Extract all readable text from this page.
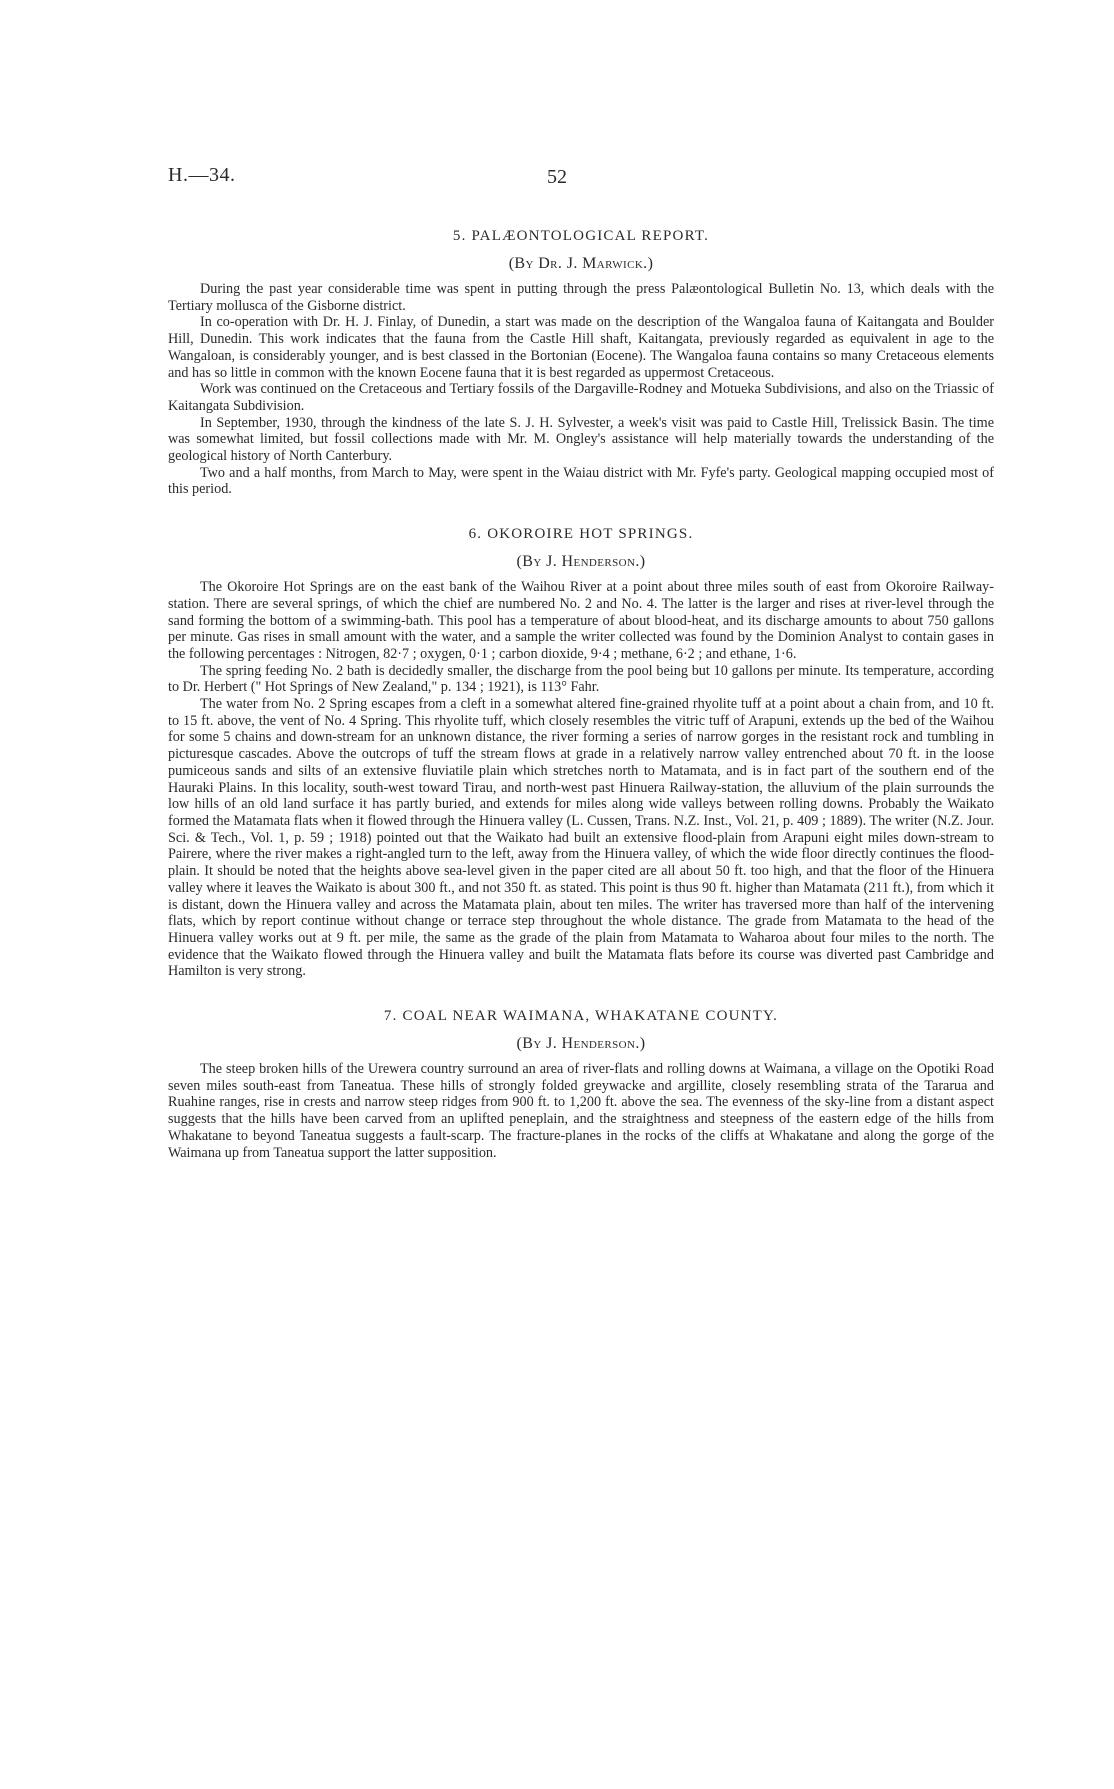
H.—34.	52
5. PALÆONTOLOGICAL REPORT.
(By Dr. J. Marwick.)

During the past year considerable time was spent in putting through the press Palæontological Bulletin No. 13, which deals with the Tertiary mollusca of the Gisborne district.

In co-operation with Dr. H. J. Finlay, of Dunedin, a start was made on the description of the Wangaloa fauna of Kaitangata and Boulder Hill, Dunedin. This work indicates that the fauna from the Castle Hill shaft, Kaitangata, previously regarded as equivalent in age to the Wangaloan, is considerably younger, and is best classed in the Bortonian (Eocene). The Wangaloa fauna contains so many Cretaceous elements and has so little in common with the known Eocene fauna that it is best regarded as uppermost Cretaceous.

Work was continued on the Cretaceous and Tertiary fossils of the Dargaville-Rodney and Motueka Subdivisions, and also on the Triassic of Kaitangata Subdivision.

In September, 1930, through the kindness of the late S. J. H. Sylvester, a week's visit was paid to Castle Hill, Trelissick Basin. The time was somewhat limited, but fossil collections made with Mr. M. Ongley's assistance will help materially towards the understanding of the geological history of North Canterbury.

Two and a half months, from March to May, were spent in the Waiau district with Mr. Fyfe's party. Geological mapping occupied most of this period.

6. OKOROIRE HOT SPRINGS.
(By J. Henderson.)

The Okoroire Hot Springs are on the east bank of the Waihou River at a point about three miles south of east from Okoroire Railway-station. There are several springs, of which the chief are numbered No. 2 and No. 4. The latter is the larger and rises at river-level through the sand forming the bottom of a swimming-bath. This pool has a temperature of about blood-heat, and its discharge amounts to about 750 gallons per minute. Gas rises in small amount with the water, and a sample the writer collected was found by the Dominion Analyst to contain gases in the following percentages : Nitrogen, 82·7 ; oxygen, 0·1 ; carbon dioxide, 9·4 ; methane, 6·2 ; and ethane, 1·6.

The spring feeding No. 2 bath is decidedly smaller, the discharge from the pool being but 10 gallons per minute. Its temperature, according to Dr. Herbert (" Hot Springs of New Zealand," p. 134 ; 1921), is 113° Fahr.

The water from No. 2 Spring escapes from a cleft in a somewhat altered fine-grained rhyolite tuff at a point about a chain from, and 10 ft. to 15 ft. above, the vent of No. 4 Spring. This rhyolite tuff, which closely resembles the vitric tuff of Arapuni, extends up the bed of the Waihou for some 5 chains and down-stream for an unknown distance, the river forming a series of narrow gorges in the resistant rock and tumbling in picturesque cascades. Above the outcrops of tuff the stream flows at grade in a relatively narrow valley entrenched about 70 ft. in the loose pumiceous sands and silts of an extensive fluviatile plain which stretches north to Matamata, and is in fact part of the southern end of the Hauraki Plains. In this locality, south-west toward Tirau, and north-west past Hinuera Railway-station, the alluvium of the plain surrounds the low hills of an old land surface it has partly buried, and extends for miles along wide valleys between rolling downs. Probably the Waikato formed the Matamata flats when it flowed through the Hinuera valley (L. Cussen, Trans. N.Z. Inst., Vol. 21, p. 409 ; 1889). The writer (N.Z. Jour. Sci. & Tech., Vol. 1, p. 59 ; 1918) pointed out that the Waikato had built an extensive flood-plain from Arapuni eight miles down-stream to Pairere, where the river makes a right-angled turn to the left, away from the Hinuera valley, of which the wide floor directly continues the flood-plain. It should be noted that the heights above sea-level given in the paper cited are all about 50 ft. too high, and that the floor of the Hinuera valley where it leaves the Waikato is about 300 ft., and not 350 ft. as stated. This point is thus 90 ft. higher than Matamata (211 ft.), from which it is distant, down the Hinuera valley and across the Matamata plain, about ten miles. The writer has traversed more than half of the intervening flats, which by report continue without change or terrace step throughout the whole distance. The grade from Matamata to the head of the Hinuera valley works out at 9 ft. per mile, the same as the grade of the plain from Matamata to Waharoa about four miles to the north. The evidence that the Waikato flowed through the Hinuera valley and built the Matamata flats before its course was diverted past Cambridge and Hamilton is very strong.

7. COAL NEAR WAIMANA, WHAKATANE COUNTY.
(By J. Henderson.)

The steep broken hills of the Urewera country surround an area of river-flats and rolling downs at Waimana, a village on the Opotiki Road seven miles south-east from Taneatua. These hills of strongly folded greywacke and argillite, closely resembling strata of the Tararua and Ruahine ranges, rise in crests and narrow steep ridges from 900 ft. to 1,200 ft. above the sea. The evenness of the sky-line from a distant aspect suggests that the hills have been carved from an uplifted peneplain, and the straightness and steepness of the eastern edge of the hills from Whakatane to beyond Taneatua suggests a fault-scarp. The fracture-planes in the rocks of the cliffs at Whakatane and along the gorge of the Waimana up from Taneatua support the latter supposition.
